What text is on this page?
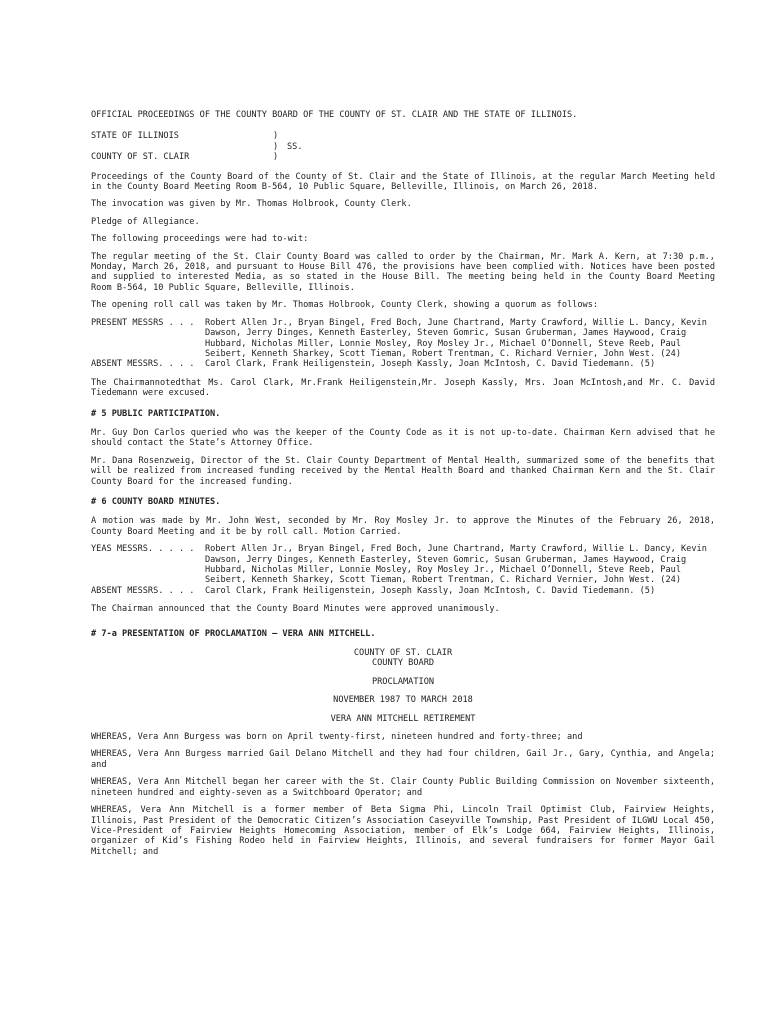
OFFICIAL PROCEEDINGS OF THE COUNTY BOARD OF THE COUNTY OF ST. CLAIR AND THE STATE OF ILLINOIS.

STATE OF ILLINOIS	)
)	SS.
COUNTY OF ST. CLAIR	)

Proceedings of the County Board of the County of St. Clair and the State of Illinois, at the regular March Meeting held in the County Board Meeting Room B-564, 10 Public Square, Belleville, Illinois, on March 26, 2018.

The invocation was given by Mr. Thomas Holbrook, County Clerk.

Pledge of Allegiance.

The following proceedings were had to-wit:

The regular meeting of the St. Clair County Board was called to order by the Chairman, Mr. Mark A. Kern, at 7:30 p.m., Monday, March 26, 2018, and pursuant to House Bill 476, the provisions have been complied with. Notices have been posted and supplied to interested Media, as so stated in the House Bill. The meeting being held in the County Board Meeting Room B-564, 10 Public Square, Belleville, Illinois.

The opening roll call was taken by Mr. Thomas Holbrook, County Clerk, showing a quorum as follows:

PRESENT MESSRS . . .	Robert Allen Jr., Bryan Bingel, Fred Boch, June Chartrand, Marty Crawford, Willie L. Dancy, Kevin Dawson, Jerry Dinges, Kenneth Easterley, Steven Gomric, Susan Gruberman, James Haywood, Craig Hubbard, Nicholas Miller, Lonnie Mosley, Roy Mosley Jr., Michael O’Donnell, Steve Reeb, Paul Seibert, Kenneth Sharkey, Scott Tieman, Robert Trentman, C. Richard Vernier, John West. (24)
ABSENT MESSRS. . . .	Carol Clark, Frank Heiligenstein, Joseph Kassly, Joan McIntosh, C. David Tiedemann. (5)

The Chairmannotedthat Ms. Carol Clark, Mr.Frank Heiligenstein,Mr. Joseph Kassly, Mrs. Joan McIntosh,and Mr. C. David Tiedemann were excused.

# 5 PUBLIC PARTICIPATION.

Mr. Guy Don Carlos queried who was the keeper of the County Code as it is not up-to-date. Chairman Kern advised that he should contact the State’s Attorney Office.

Mr. Dana Rosenzweig, Director of the St. Clair County Department of Mental Health, summarized some of the benefits that will be realized from increased funding received by the Mental Health Board and thanked Chairman Kern and the St. Clair County Board for the increased funding.

# 6 COUNTY BOARD MINUTES.

A motion was made by Mr. John West, seconded by Mr. Roy Mosley Jr. to approve the Minutes of the February 26, 2018, County Board Meeting and it be by roll call. Motion Carried.

YEAS MESSRS. . . . .	Robert Allen Jr., Bryan Bingel, Fred Boch, June Chartrand, Marty Crawford, Willie L. Dancy, Kevin Dawson, Jerry Dinges, Kenneth Easterley, Steven Gomric, Susan Gruberman, James Haywood, Craig Hubbard, Nicholas Miller, Lonnie Mosley, Roy Mosley Jr., Michael O’Donnell, Steve Reeb, Paul Seibert, Kenneth Sharkey, Scott Tieman, Robert Trentman, C. Richard Vernier, John West. (24)
ABSENT MESSRS. . . .	Carol Clark, Frank Heiligenstein, Joseph Kassly, Joan McIntosh, C. David Tiedemann. (5)

The Chairman announced that the County Board Minutes were approved unanimously.

# 7-a PRESENTATION OF PROCLAMATION – VERA ANN MITCHELL.

COUNTY OF ST. CLAIR

COUNTY BOARD

PROCLAMATION

NOVEMBER 1987 TO MARCH 2018

VERA ANN MITCHELL RETIREMENT

WHEREAS, Vera Ann Burgess was born on April twenty-first, nineteen hundred and forty-three; and

WHEREAS, Vera Ann Burgess married Gail Delano Mitchell and they had four children, Gail Jr., Gary, Cynthia, and Angela; and

WHEREAS, Vera Ann Mitchell began her career with the St. Clair County Public Building Commission on November sixteenth, nineteen hundred and eighty-seven as a Switchboard Operator; and

WHEREAS, Vera Ann Mitchell is a former member of Beta Sigma Phi, Lincoln Trail Optimist Club, Fairview Heights, Illinois, Past President of the Democratic Citizen’s Association Caseyville Township, Past President of ILGWU Local 450, Vice-President of Fairview Heights Homecoming Association, member of Elk’s Lodge 664, Fairview Heights, Illinois, organizer of Kid’s Fishing Rodeo held in Fairview Heights, Illinois, and several fundraisers for former Mayor Gail Mitchell; and
